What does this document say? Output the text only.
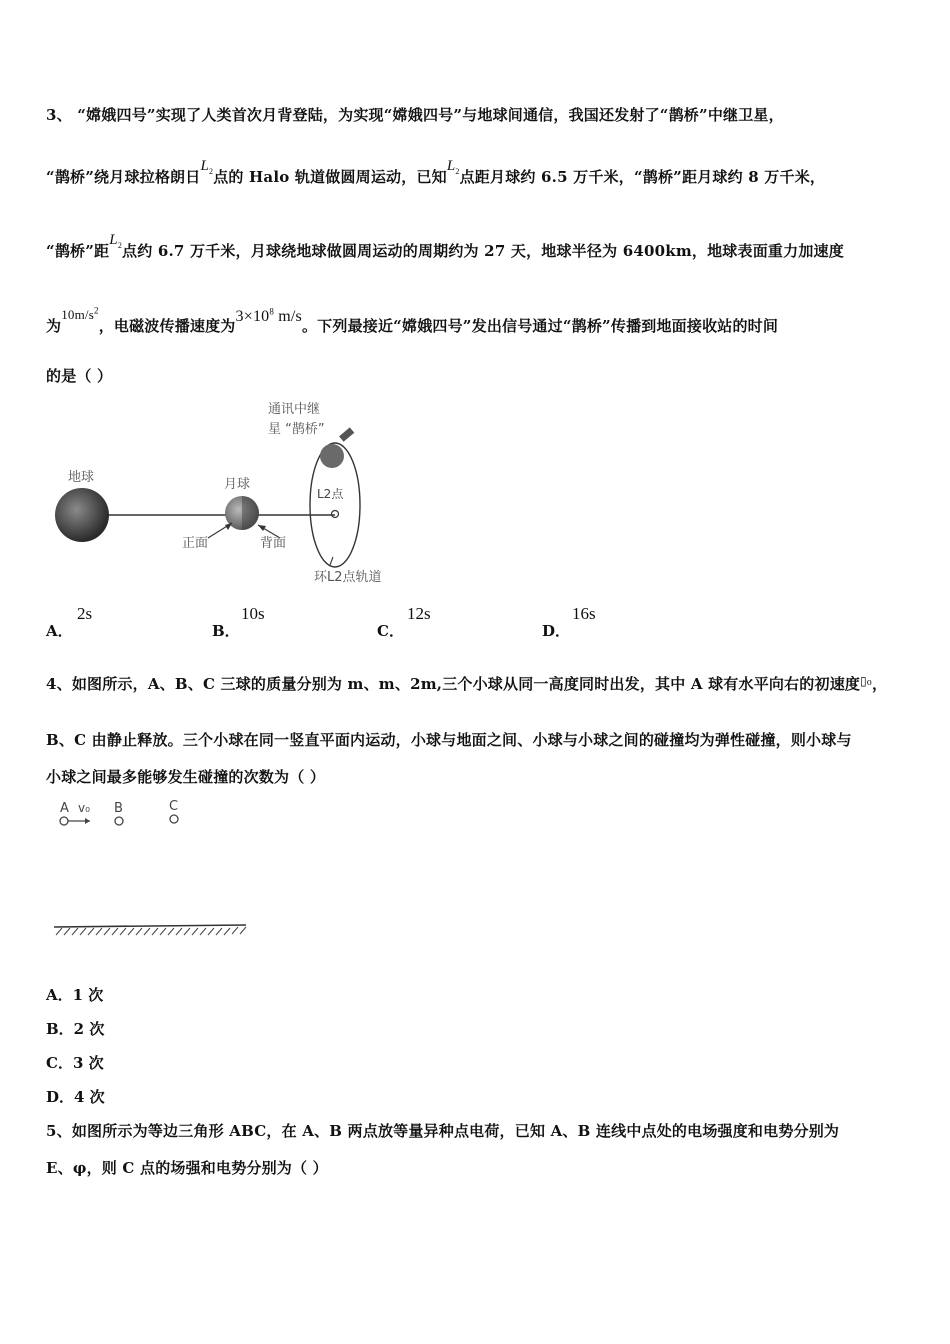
3、 “嫦娥四号”实现了人类首次月背登陆，为实现“嫦娥四号”与地球间通信，我国还发射了“鹊桥”中继卫星，
“鹊桥”绕月球拉格朗日$L_2$点的 Halo 轨道做圆周运动，已知$L_2$点距月球约 6.5 万千米，“鹊桥”距月球约 8 万千米，
“鹊桥”距$L_2$点约 6.7 万千米，月球绕地球做圆周运动的周期约为 27 天，地球半径为 6400km，地球表面重力加速度
为$10m/s^2$，电磁波传播速度为$3\times 10^8$ m/s。下列最接近“嫦娥四号”发出信号通过“鹊桥”传播到地面接收站的时间
的是（ ）
地球	月球
L2点
通讯中继
星 “鹊桥”
正面	背面
环L2点轨道
A．
2s
B．
10s
C．
12s
D．
16s
4、如图所示，A、B、C 三球的质量分别为 m、m、2m,三个小球从同一高度同时出发，其中 A 球有水平向右的初速度$^{▯_0}$，
B、C 由静止释放。三个小球在同一竖直平面内运动，小球与地面之间、小球与小球之间的碰撞均为弹性碰撞，则小球与
小球之间最多能够发生碰撞的次数为（ ）
A v₀ B	C
A．1 次
B．2 次
C．3 次
D．4 次
5、如图所示为等边三角形 ABC，在 A、B 两点放等量异种点电荷，已知 A、B 连线中点处的电场强度和电势分别为
E、φ，则 C 点的场强和电势分别为（ ）
